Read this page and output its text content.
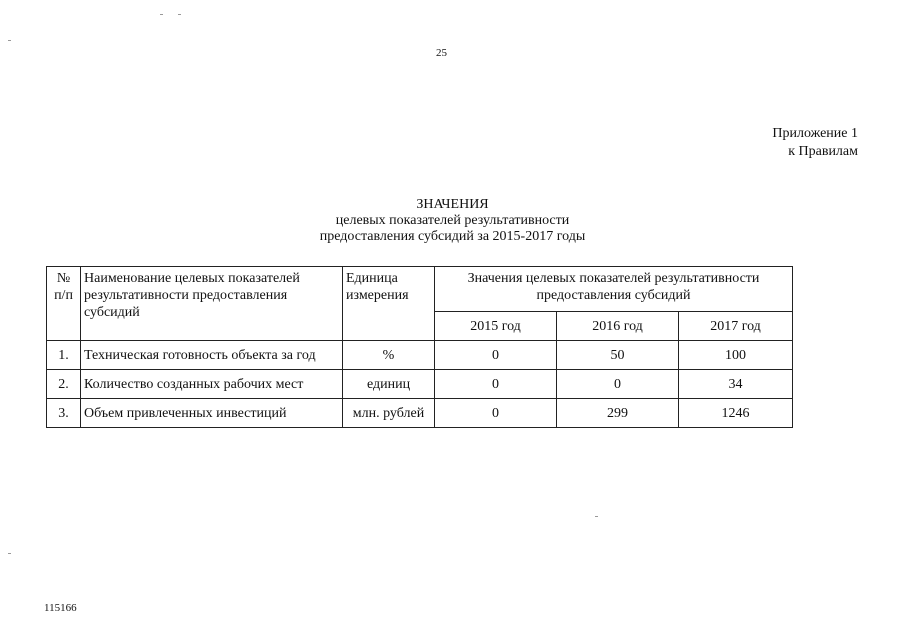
25
Приложение 1
к Правилам
ЗНАЧЕНИЯ
целевых показателей результативности
предоставления субсидий за 2015-2017 годы
№ п/п	Наименование целевых показателей результативности предоставления субсидий	Единица измерения	Значения целевых показателей результативности предоставления субсидий		
			2015 год	2016 год	2017 год
1.	Техническая готовность объекта за год	%	0	50	100
2.	Количество созданных рабочих мест	единиц	0	0	34
3.	Объем привлеченных инвестиций	млн. рублей	0	299	1246
115166
